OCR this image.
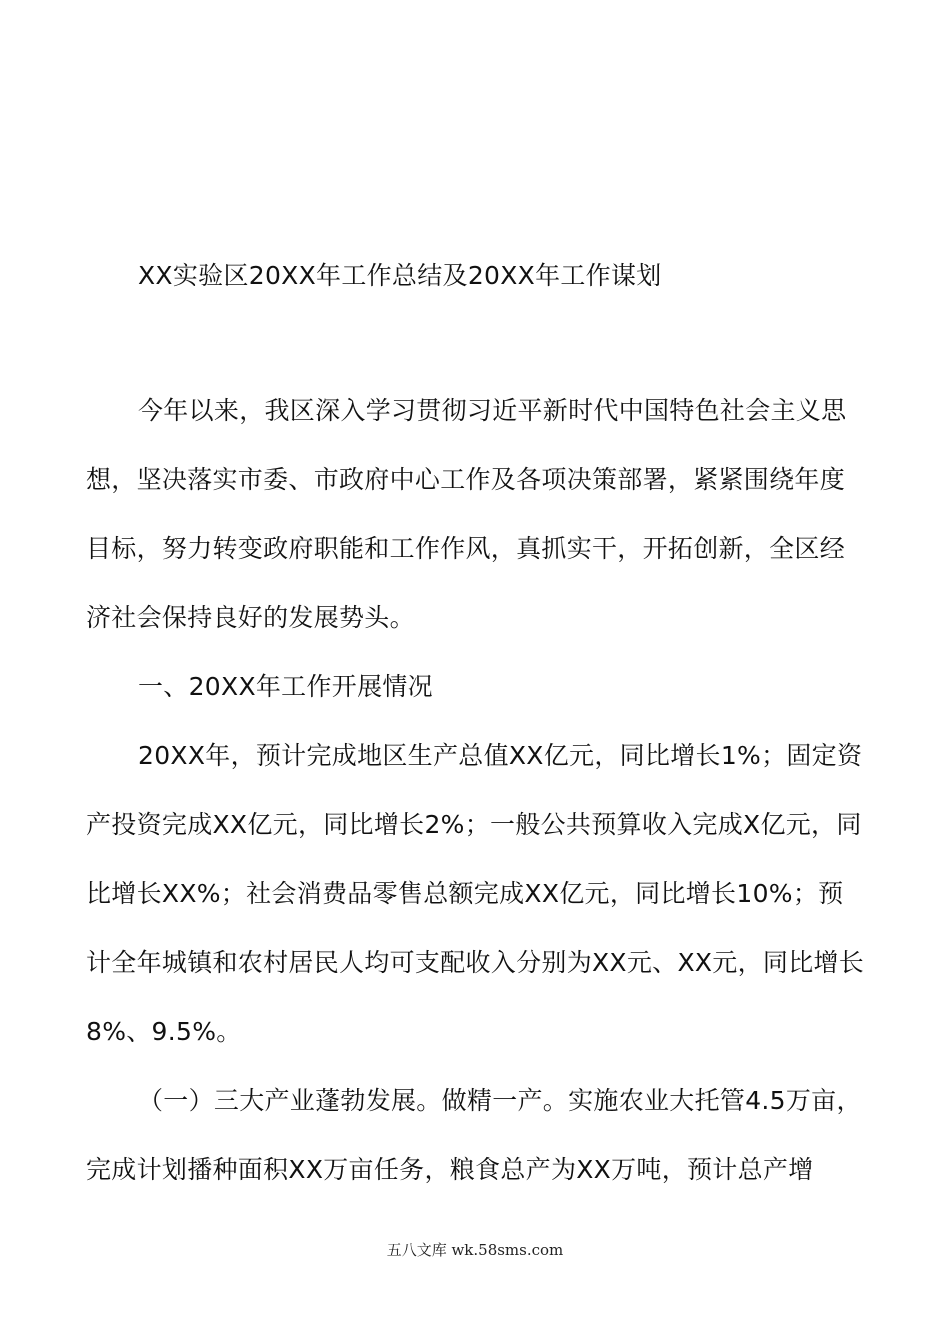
XX实验区20XX年工作总结及20XX年工作谋划

今年以来，我区深入学习贯彻习近平新时代中国特色社会主义思想，坚决落实市委、市政府中心工作及各项决策部署，紧紧围绕年度目标，努力转变政府职能和工作作风，真抓实干，开拓创新，全区经济社会保持良好的发展势头。

一、20XX年工作开展情况

20XX年，预计完成地区生产总值XX亿元，同比增长1%；固定资产投资完成XX亿元，同比增长2%；一般公共预算收入完成X亿元，同比增长XX%；社会消费品零售总额完成XX亿元，同比增长10%；预计全年城镇和农村居民人均可支配收入分别为XX元、XX元，同比增长8%、9.5%。

（一）三大产业蓬勃发展。做精一产。实施农业大托管4.5万亩，完成计划播种面积XX万亩任务，粮食总产为XX万吨，预计总产增

五八文库 wk.58sms.com
